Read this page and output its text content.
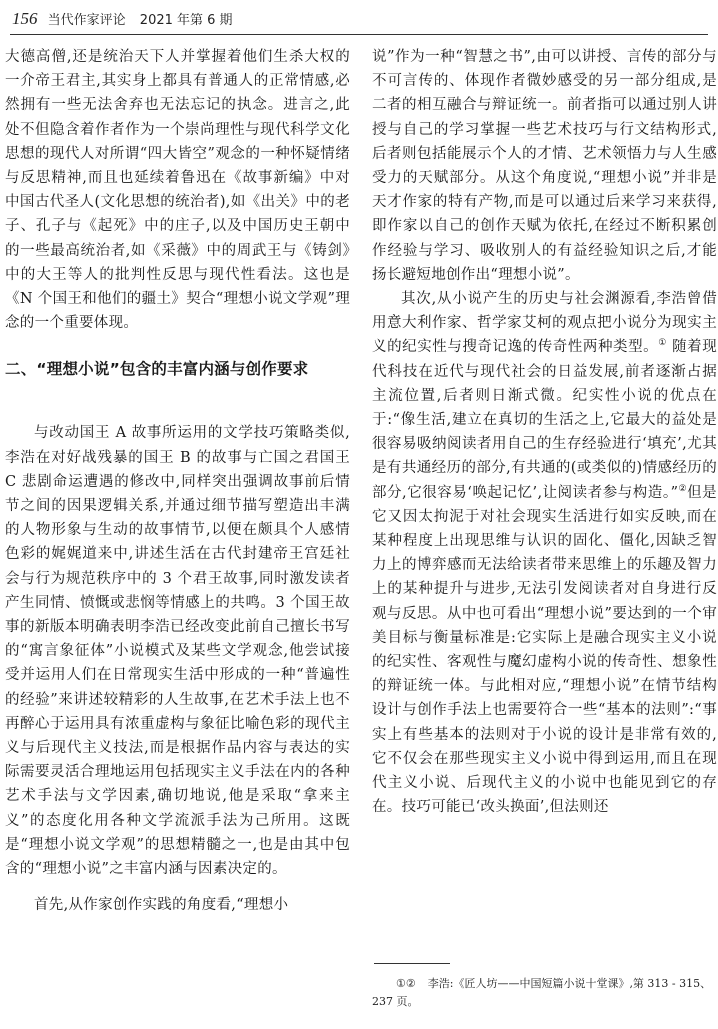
156 当代作家评论 2021 年第 6 期

大德高僧,还是统治天下人并掌握着他们生杀大权的一介帝王君主,其实身上都具有普通人的正常情感,必然拥有一些无法舍弃也无法忘记的执念。进言之,此处不但隐含着作者作为一个崇尚理性与现代科学文化思想的现代人对所谓“四大皆空”观念的一种怀疑情绪与反思精神,而且也延续着鲁迅在《故事新编》中对中国古代圣人(文化思想的统治者),如《出关》中的老子、孔子与《起死》中的庄子,以及中国历史王朝中的一些最高统治者,如《采薇》中的周武王与《铸剑》中的大王等人的批判性反思与现代性看法。这也是《N 个国王和他们的疆土》契合“理想小说文学观”理念的一个重要体现。

二、“理想小说”包含的丰富内涵与创作要求

与改动国王 A 故事所运用的文学技巧策略类似,李浩在对好战残暴的国王 B 的故事与亡国之君国王 C 悲剧命运遭遇的修改中,同样突出强调故事前后情节之间的因果逻辑关系,并通过细节描写塑造出丰满的人物形象与生动的故事情节,以便在颇具个人感情色彩的娓娓道来中,讲述生活在古代封建帝王宫廷社会与行为规范秩序中的 3 个君王故事,同时激发读者产生同情、愤慨或悲悯等情感上的共鸣。3 个国王故事的新版本明确表明李浩已经改变此前自己擅长书写的“寓言象征体”小说模式及某些文学观念,他尝试接受并运用人们在日常现实生活中形成的一种“普遍性的经验”来讲述较精彩的人生故事,在艺术手法上也不再醉心于运用具有浓重虚构与象征比喻色彩的现代主义与后现代主义技法,而是根据作品内容与表达的实际需要灵活合理地运用包括现实主义手法在内的各种艺术手法与文学因素,确切地说,他是采取“拿来主义”的态度化用各种文学流派手法为己所用。这既是“理想小说文学观”的思想精髓之一,也是由其中包含的“理想小说”之丰富内涵与因素决定的。

首先,从作家创作实践的角度看,“理想小

说”作为一种“智慧之书”,由可以讲授、言传的部分与不可言传的、体现作者微妙感受的另一部分组成,是二者的相互融合与辩证统一。前者指可以通过别人讲授与自己的学习掌握一些艺术技巧与行文结构形式,后者则包括能展示个人的才情、艺术领悟力与人生感受力的天赋部分。从这个角度说,“理想小说”并非是天才作家的特有产物,而是可以通过后来学习来获得,即作家以自己的创作天赋为依托,在经过不断积累创作经验与学习、吸收别人的有益经验知识之后,才能扬长避短地创作出“理想小说”。

其次,从小说产生的历史与社会渊源看,李浩曾借用意大利作家、哲学家艾柯的观点把小说分为现实主义的纪实性与搜奇记逸的传奇性两种类型。① 随着现代科技在近代与现代社会的日益发展,前者逐渐占据主流位置,后者则日渐式微。纪实性小说的优点在于:“像生活,建立在真切的生活之上,它最大的益处是很容易吸纳阅读者用自己的生存经验进行‘填充’,尤其是有共通经历的部分,有共通的(或类似的)情感经历的部分,它很容易‘唤起记忆’,让阅读者参与构造。”②但是它又因太拘泥于对社会现实生活进行如实反映,而在某种程度上出现思维与认识的固化、僵化,因缺乏智力上的博弈感而无法给读者带来思维上的乐趣及智力上的某种提升与进步,无法引发阅读者对自身进行反观与反思。从中也可看出“理想小说”要达到的一个审美目标与衡量标准是:它实际上是融合现实主义小说的纪实性、客观性与魔幻虚构小说的传奇性、想象性的辩证统一体。与此相对应,“理想小说”在情节结构设计与创作手法上也需要符合一些“基本的法则”:“事实上有些基本的法则对于小说的设计是非常有效的,它不仅会在那些现实主义小说中得到运用,而且在现代主义小说、后现代主义的小说中也能见到它的存在。技巧可能已‘改头换面’,但法则还

①② 李浩:《匠人坊——中国短篇小说十堂课》,第 313 - 315、237 页。
